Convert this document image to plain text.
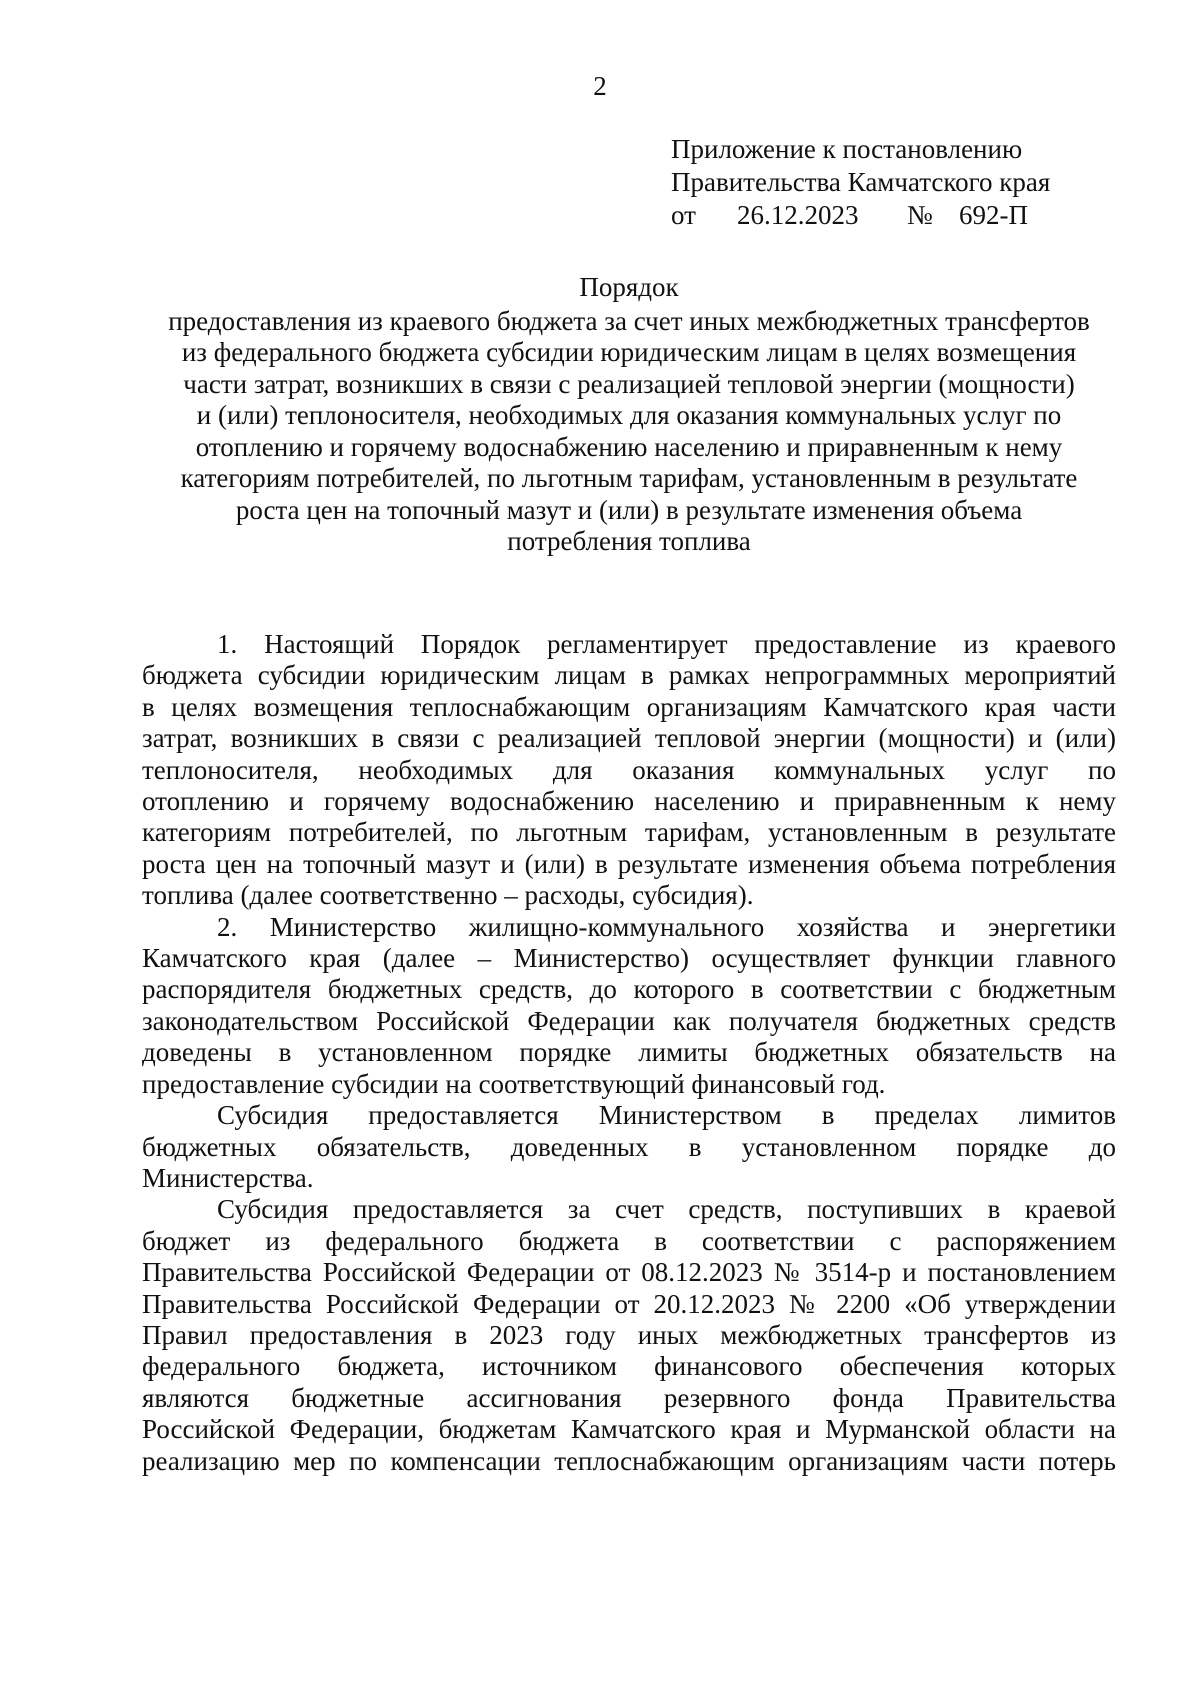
2
Приложение к постановлению
Правительства Камчатского края
от 26.12.2023 № 692-П
Порядок
предоставления из краевого бюджета за счет иных межбюджетных трансфертов
из федерального бюджета субсидии юридическим лицам в целях возмещения
части затрат, возникших в связи с реализацией тепловой энергии (мощности)
и (или) теплоносителя, необходимых для оказания коммунальных услуг по
отоплению и горячему водоснабжению населению и приравненным к нему
категориям потребителей, по льготным тарифам, установленным в результате
роста цен на топочный мазут и (или) в результате изменения объема
потребления топлива
1. Настоящий Порядок регламентирует предоставление из краевого
бюджета субсидии юридическим лицам в рамках непрограммных мероприятий
в целях возмещения теплоснабжающим организациям Камчатского края части
затрат, возникших в связи с реализацией тепловой энергии (мощности) и (или)
теплоносителя, необходимых для оказания коммунальных услуг по
отоплению и горячему водоснабжению населению и приравненным к нему
категориям потребителей, по льготным тарифам, установленным в результате
роста цен на топочный мазут и (или) в результате изменения объема потребления
топлива (далее соответственно – расходы, субсидия).
2. Министерство жилищно-коммунального хозяйства и энергетики
Камчатского края (далее – Министерство) осуществляет функции главного
распорядителя бюджетных средств, до которого в соответствии с бюджетным
законодательством Российской Федерации как получателя бюджетных средств
доведены в установленном порядке лимиты бюджетных обязательств на
предоставление субсидии на соответствующий финансовый год.
Субсидия предоставляется Министерством в пределах лимитов
бюджетных обязательств, доведенных в установленном порядке до
Министерства.
Субсидия предоставляется за счет средств, поступивших в краевой
бюджет из федерального бюджета в соответствии с распоряжением
Правительства Российской Федерации от 08.12.2023 № 3514-р и постановлением
Правительства Российской Федерации от 20.12.2023 № 2200 «Об утверждении
Правил предоставления в 2023 году иных межбюджетных трансфертов из
федерального бюджета, источником финансового обеспечения которых
являются бюджетные ассигнования резервного фонда Правительства
Российской Федерации, бюджетам Камчатского края и Мурманской области на
реализацию мер по компенсации теплоснабжающим организациям части потерь
